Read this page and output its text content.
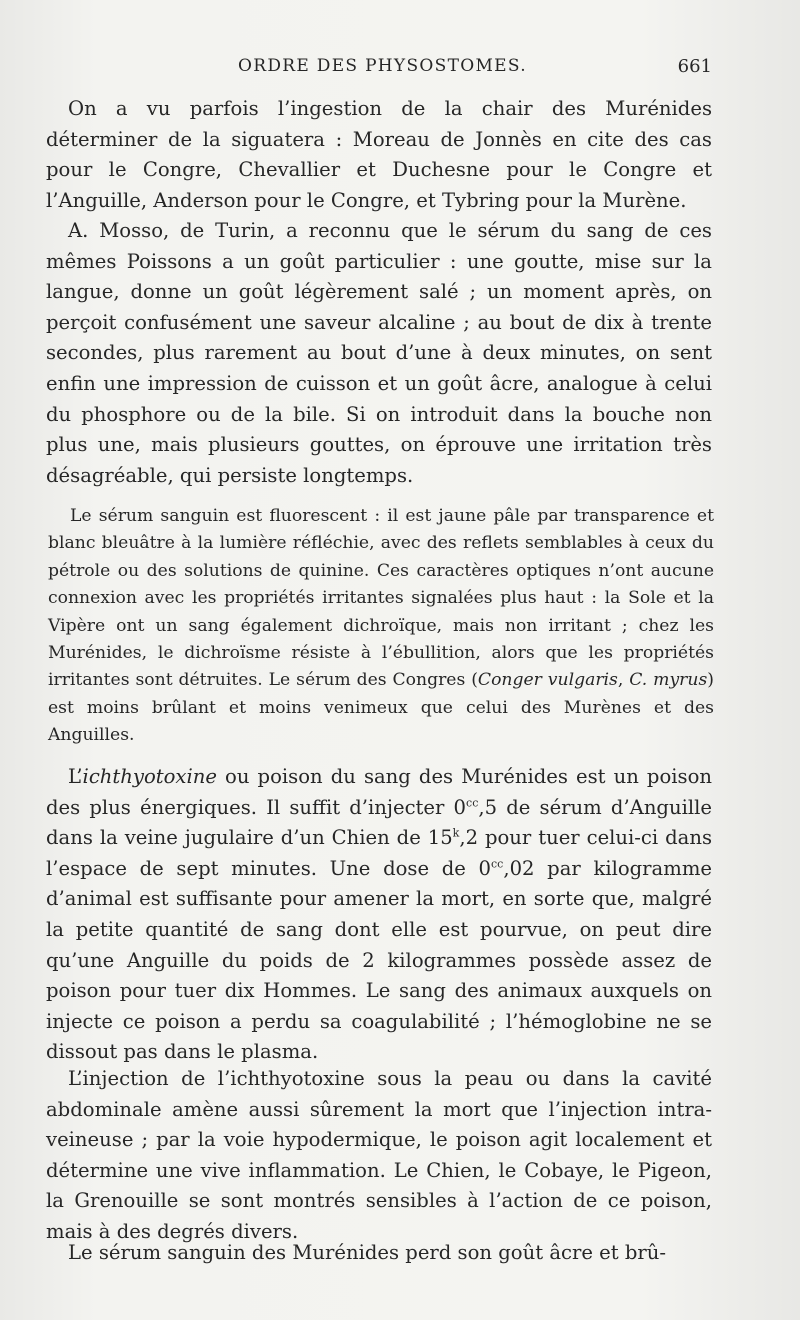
ORDRE DES PHYSOSTOMES.	661

On a vu parfois l’ingestion de la chair des Murénides déterminer de la siguatera : Moreau de Jonnès en cite des cas pour le Congre, Chevallier et Duchesne pour le Congre et l’Anguille, Anderson pour le Congre, et Tybring pour la Murène.

A. Mosso, de Turin, a reconnu que le sérum du sang de ces mêmes Poissons a un goût particulier : une goutte, mise sur la langue, donne un goût légèrement salé ; un moment après, on perçoit confusément une saveur alcaline ; au bout de dix à trente secondes, plus rarement au bout d’une à deux minutes, on sent enfin une impression de cuisson et un goût âcre, analogue à celui du phosphore ou de la bile. Si on introduit dans la bouche non plus une, mais plusieurs gouttes, on éprouve une irritation très désagréable, qui persiste longtemps.

Le sérum sanguin est fluorescent : il est jaune pâle par transparence et blanc bleuâtre à la lumière réfléchie, avec des reflets semblables à ceux du pétrole ou des solutions de quinine. Ces caractères optiques n’ont aucune connexion avec les propriétés irritantes signalées plus haut : la Sole et la Vipère ont un sang également dichroïque, mais non irritant ; chez les Murénides, le dichroïsme résiste à l’ébullition, alors que les propriétés irritantes sont détruites. Le sérum des Congres (Conger vulgaris, C. myrus) est moins brûlant et moins venimeux que celui des Murènes et des Anguilles.

L’ichthyotoxine ou poison du sang des Murénides est un poison des plus énergiques. Il suffit d’injecter $0^{cc},5$ de sérum d’Anguille dans la veine jugulaire d’un Chien de 15$^k$,2 pour tuer celui-ci dans l’espace de sept minutes. Une dose de $0^{cc},02$ par kilogramme d’animal est suffisante pour amener la mort, en sorte que, malgré la petite quantité de sang dont elle est pourvue, on peut dire qu’une Anguille du poids de 2 kilogrammes possède assez de poison pour tuer dix Hommes. Le sang des animaux auxquels on injecte ce poison a perdu sa coagulabilité ; l’hémoglobine ne se dissout pas dans le plasma.

L’injection de l’ichthyotoxine sous la peau ou dans la cavité abdominale amène aussi sûrement la mort que l’injection intra-veineuse ; par la voie hypodermique, le poison agit localement et détermine une vive inflammation. Le Chien, le Cobaye, le Pigeon, la Grenouille se sont montrés sensibles à l’action de ce poison, mais à des degrés divers.

Le sérum sanguin des Murénides perd son goût âcre et brû-
